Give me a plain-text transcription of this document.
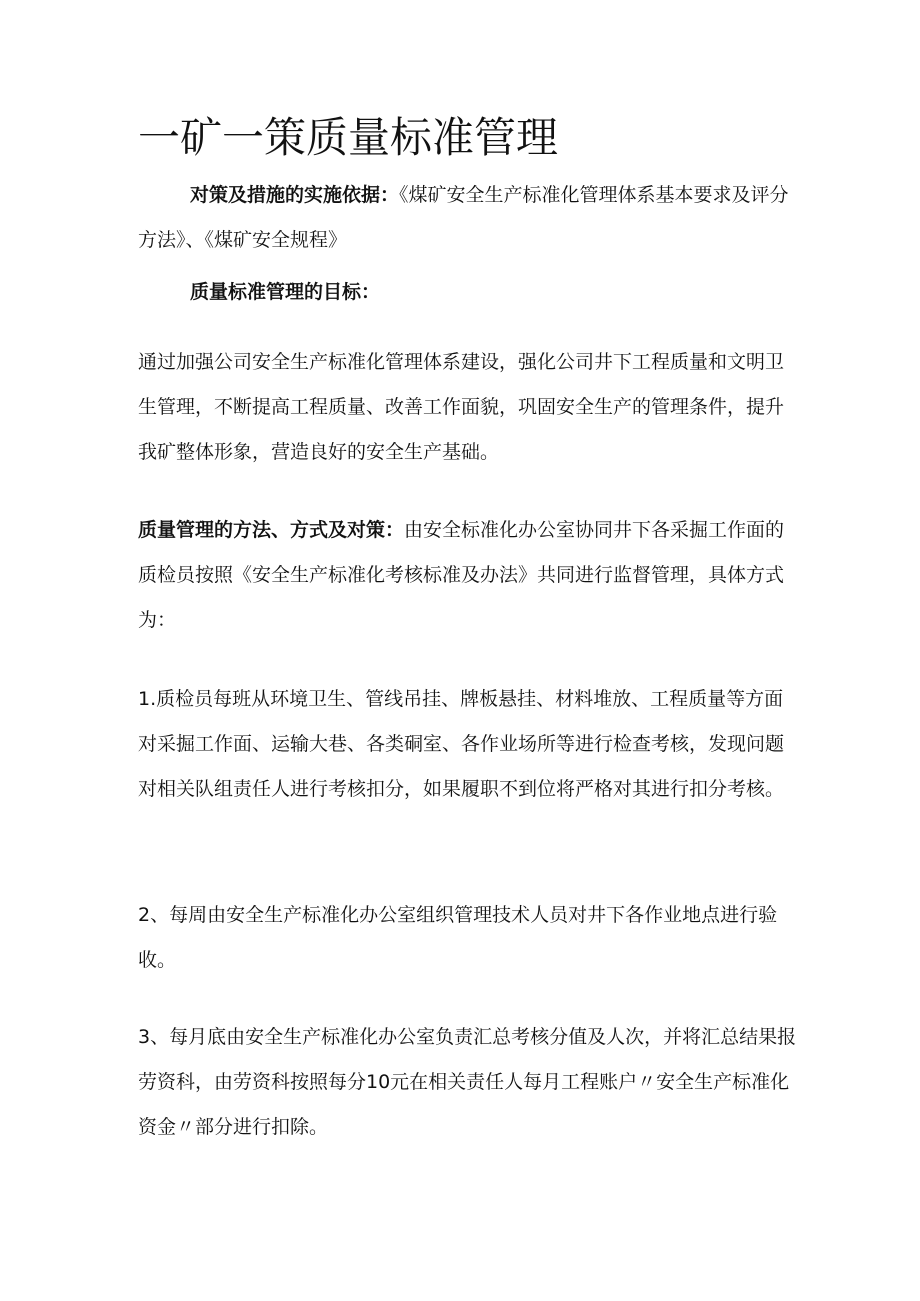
一矿一策质量标准管理

对策及措施的实施依据：《煤矿安全生产标准化管理体系基本要求及评分方法》、《煤矿安全规程》

质量标准管理的目标：

通过加强公司安全生产标准化管理体系建设，强化公司井下工程质量和文明卫生管理，不断提高工程质量、改善工作面貌，巩固安全生产的管理条件，提升我矿整体形象，营造良好的安全生产基础。

质量管理的方法、方式及对策：由安全标准化办公室协同井下各采掘工作面的质检员按照《安全生产标准化考核标准及办法》共同进行监督管理，具体方式为：

1.质检员每班从环境卫生、管线吊挂、牌板悬挂、材料堆放、工程质量等方面对采掘工作面、运输大巷、各类硐室、各作业场所等进行检查考核，发现问题对相关队组责任人进行考核扣分，如果履职不到位将严格对其进行扣分考核。

2、每周由安全生产标准化办公室组织管理技术人员对井下各作业地点进行验收。

3、每月底由安全生产标准化办公室负责汇总考核分值及人次，并将汇总结果报劳资科，由劳资科按照每分10元在相关责任人每月工程账户〃安全生产标准化资金〃部分进行扣除。
